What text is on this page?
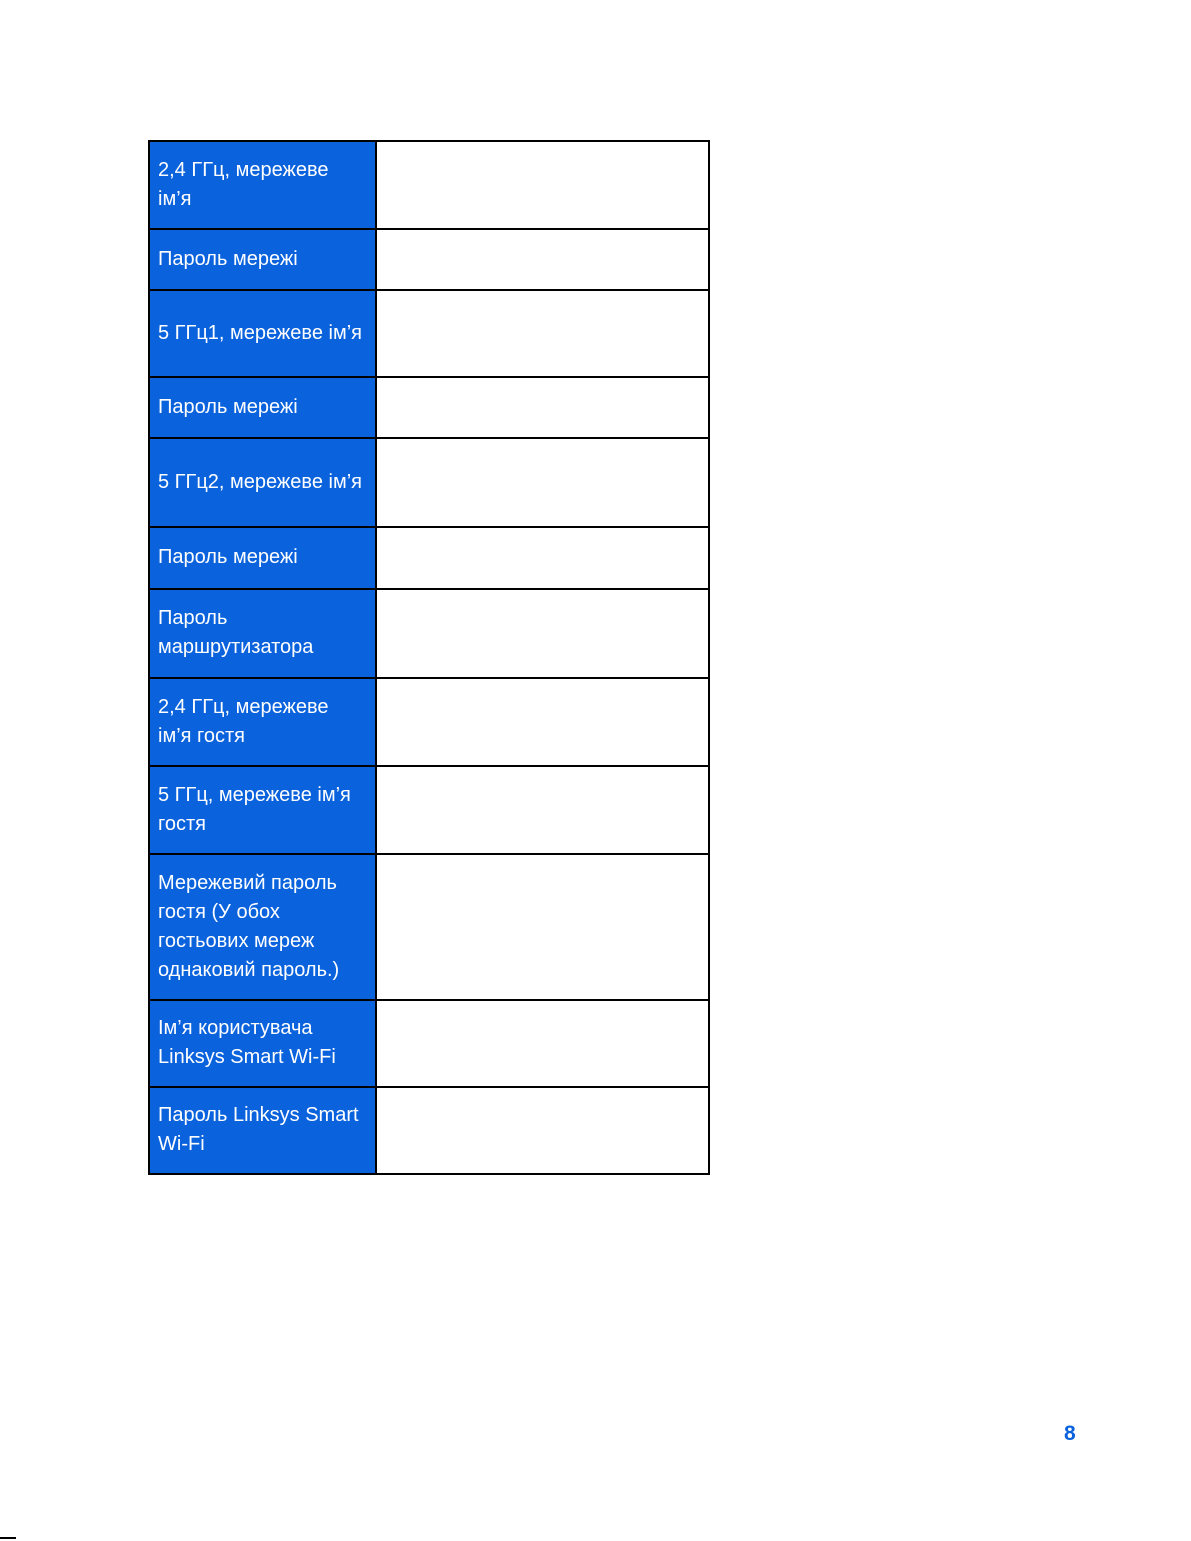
2,4 ГГц, мережеве ім’я	
Пароль мережі	
5 ГГц1, мережеве ім’я	
Пароль мережі	
5 ГГц2, мережеве ім’я	
Пароль мережі	
Пароль маршрутизатора	
2,4 ГГц, мережеве ім’я гостя	
5 ГГц, мережеве ім’я гостя	
Мережевий пароль гостя (У обох гостьових мереж однаковий пароль.)	
Ім’я користувача Linksys Smart Wi-Fi	
Пароль Linksys Smart Wi-Fi	
8
